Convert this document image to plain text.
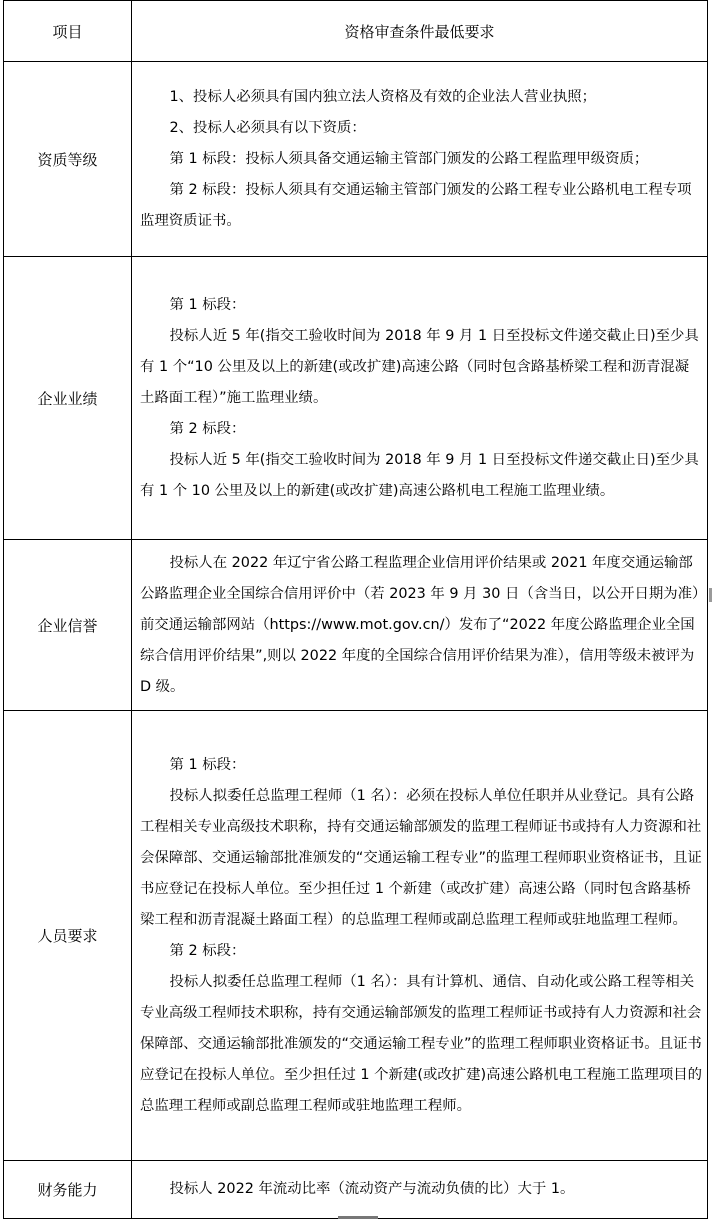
项目	资格审查条件最低要求
资质等级	1、投标人必须具有国内独立法人资格及有效的企业法人营业执照；
2、投标人必须具有以下资质：
第 1 标段：投标人须具备交通运输主管部门颁发的公路工程监理甲级资质；
第 2 标段：投标人须具有交通运输主管部门颁发的公路工程专业公路机电工程专项监理资质证书。

企业业绩	第 1 标段：
投标人近 5 年(指交工验收时间为 2018 年 9 月 1 日至投标文件递交截止日)至少具有 1 个“10 公里及以上的新建(或改扩建)高速公路（同时包含路基桥梁工程和沥青混凝土路面工程）”施工监理业绩。
第 2 标段：
投标人近 5 年(指交工验收时间为 2018 年 9 月 1 日至投标文件递交截止日)至少具有 1 个 10 公里及以上的新建(或改扩建)高速公路机电工程施工监理业绩。

企业信誉	投标人在 2022 年辽宁省公路工程监理企业信用评价结果或 2021 年度交通运输部公路监理企业全国综合信用评价中（若 2023 年 9 月 30 日（含当日，以公开日期为准）前交通运输部网站（https://www.mot.gov.cn/）发布了“2022 年度公路监理企业全国综合信用评价结果”,则以 2022 年度的全国综合信用评价结果为准），信用等级未被评为 D 级。

人员要求	第 1 标段：
投标人拟委任总监理工程师（1 名）：必须在投标人单位任职并从业登记。具有公路工程相关专业高级技术职称，持有交通运输部颁发的监理工程师证书或持有人力资源和社会保障部、交通运输部批准颁发的“交通运输工程专业”的监理工程师职业资格证书，且证书应登记在投标人单位。至少担任过 1 个新建（或改扩建）高速公路（同时包含路基桥梁工程和沥青混凝土路面工程）的总监理工程师或副总监理工程师或驻地监理工程师。
第 2 标段：
投标人拟委任总监理工程师（1 名）：具有计算机、通信、自动化或公路工程等相关专业高级工程师技术职称，持有交通运输部颁发的监理工程师证书或持有人力资源和社会保障部、交通运输部批准颁发的“交通运输工程专业”的监理工程师职业资格证书。且证书应登记在投标人单位。至少担任过 1 个新建(或改扩建)高速公路机电工程施工监理项目的总监理工程师或副总监理工程师或驻地监理工程师。

财务能力	投标人 2022 年流动比率（流动资产与流动负债的比）大于 1。
